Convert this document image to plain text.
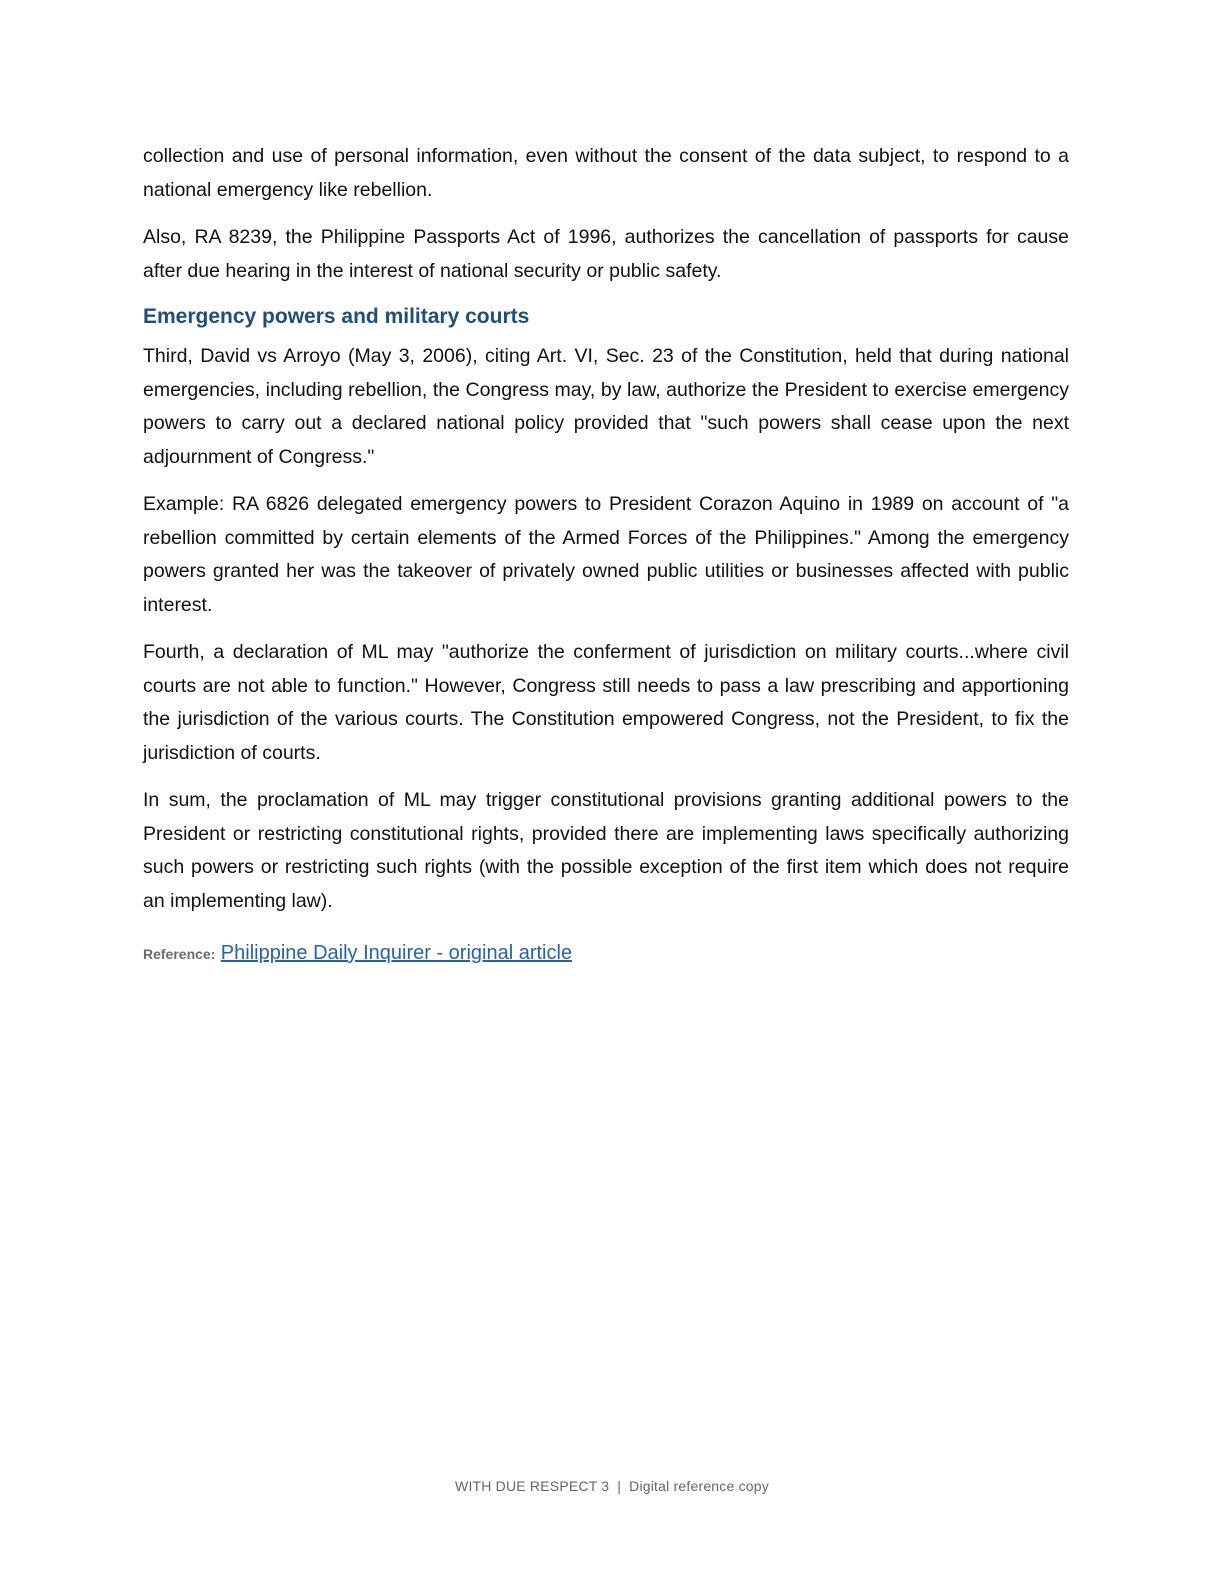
collection and use of personal information, even without the consent of the data subject, to respond to a national emergency like rebellion.

Also, RA 8239, the Philippine Passports Act of 1996, authorizes the cancellation of passports for cause after due hearing in the interest of national security or public safety.

Emergency powers and military courts

Third, David vs Arroyo (May 3, 2006), citing Art. VI, Sec. 23 of the Constitution, held that during national emergencies, including rebellion, the Congress may, by law, authorize the President to exercise emergency powers to carry out a declared national policy provided that "such powers shall cease upon the next adjournment of Congress."

Example: RA 6826 delegated emergency powers to President Corazon Aquino in 1989 on account of "a rebellion committed by certain elements of the Armed Forces of the Philippines." Among the emergency powers granted her was the takeover of privately owned public utilities or businesses affected with public interest.

Fourth, a declaration of ML may "authorize the conferment of jurisdiction on military courts...where civil courts are not able to function." However, Congress still needs to pass a law prescribing and apportioning the jurisdiction of the various courts. The Constitution empowered Congress, not the President, to fix the jurisdiction of courts.

In sum, the proclamation of ML may trigger constitutional provisions granting additional powers to the President or restricting constitutional rights, provided there are implementing laws specifically authorizing such powers or restricting such rights (with the possible exception of the first item which does not require an implementing law).

Reference: Philippine Daily Inquirer - original article
WITH DUE RESPECT 3 | Digital reference copy
